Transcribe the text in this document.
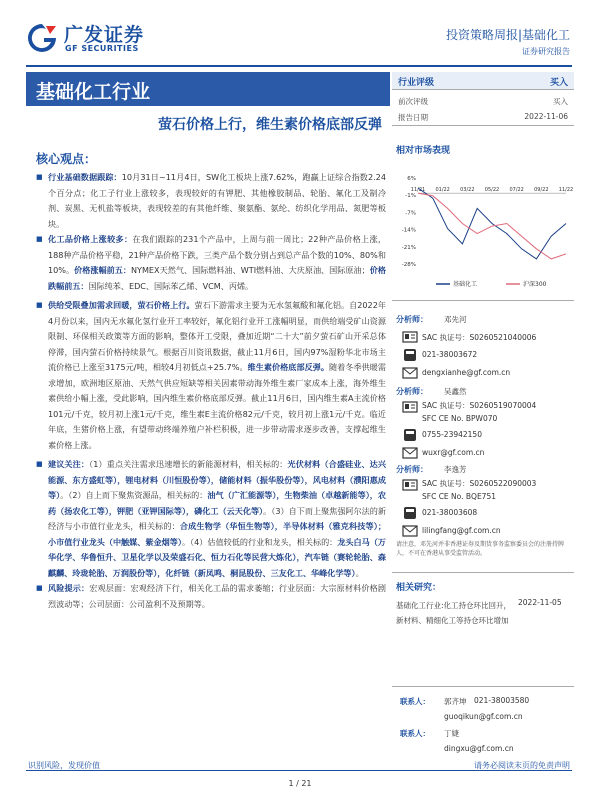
广发证券
GF SECURITIES
投资策略周报|基础化工
证券研究报告
基础化工行业
萤石价格上行，维生素价格底部反弹
核心观点：

■ 行业基础数据跟踪：10月31日~11月4日，SW化工板块上涨7.62%，跑赢上证综合指数2.24个百分点；化工子行业上涨较多，表现较好的有钾肥、其他橡胶制品、轮胎、氟化工及制冷剂、炭黑、无机盐等板块，表现较差的有其他纤维、聚氨酯、氨纶、纺织化学用品、氮肥等板块。

■ 化工品价格上涨较多：在我们跟踪的231个产品中，上周与前一周比；22种产品价格上涨，188种产品价格平稳，21种产品价格下跌，三类产品个数分别占到总产品个数的10%、80%和10%。价格涨幅前五：NYMEX天然气、国际燃料油、WTI燃料油、大庆原油、国际原油；价格跌幅前五：国际纯苯、EDC、国际苯乙烯、VCM、丙烯。

■ 供给受限叠加需求回暖，萤石价格上行。萤石下游需求主要为无水氢氟酸和氟化铝。自2022年4月份以来，国内无水氟化氢行业开工率较好，氟化铝行业开工涨幅明显，而供给端受矿山资源限制、环保相关政策等方面的影响，整体开工受限，叠加近期“二十大”前夕萤石矿山开采总体停滞，国内萤石价格持续景气。根据百川资讯数据，截止11月6日，国内97%湿粉华北市场主流价格已上涨至3175元/吨，相较4月初低点+25.7%。维生素价格底部反弹。随着冬季供暖需求增加，欧洲地区原油、天然气供应短缺等相关因素带动海外维生素厂家成本上涨，海外维生素供给小幅上涨，受此影响，国内维生素价格底部反弹。截止11月6日，国内维生素A主流价格101元/千克，较月初上涨1元/千克，维生素E主流价格82元/千克，较月初上涨1元/千克。临近年底，生猪价格上涨，有望带动终端养殖户补栏积极，进一步带动需求逐步改善，支撑起维生素价格上涨。

■ 建议关注：（1）重点关注需求迅速增长的新能源材料，相关标的：光伏材料（合盛硅业、达兴能源、东方盛虹等），锂电材料（川恒股份等），储能材料（振华股份等），风电材料（濮阳惠成等）。（2）自上而下聚焦资源品，相关标的：油气（广汇能源等），生物柴油（卓越新能等），农药（扬农化工等），钾肥（亚钾国际等），磷化工（云天化等）。（3）自下而上聚焦强阿尔法的新经济与小市值行业龙头，相关标的：合成生物学（华恒生物等），半导体材料（雅克科技等）；小市值行业龙头（中触媒、紫金烟等）。（4）估值较低的行业和龙头，相关标的：龙头白马（万华化学、华鲁恒升、卫星化学以及荣盛石化、恒力石化等民营大炼化），汽车链（赛轮轮胎、森麒麟、玲珑轮胎、万润股份等），化纤链（新凤鸣、桐昆股份、三友化工、华峰化学等）。

■ 风险提示：宏观层面：宏观经济下行，相关化工品的需求萎缩；行业层面：大宗原材料价格剧烈波动等；公司层面：公司盈利不及预期等。

行业评级	买入
前次评级	买入
报告日期	2022-11-06
相对市场表现
6%
-1%
-7%
-14%
-21%
-28%
11/21 01/22 03/22 05/22 07/22 09/22 11/22
基础化工	沪深300
分析师： 邓先河
SAC 执证号：S0260521040006
021-38003672
dengxianhe@gf.com.cn
分析师： 吴鑫然
SAC 执证号：S0260519070004
SFC CE No. BPW070
0755-23942150
wuxr@gf.com.cn
分析师： 李逸芳
SAC 执证号：S0260522090003
SFC CE No. BQE751
021-38003608
lilingfang@gf.com.cn
请注意，邓先河并非香港证券及期货事务监察委员会的注册持牌人，不可在香港从事受监管活动。
相关研究：
基础化工行业:化工持仓环比回升，新材料、精细化工等持仓环比增加
2022-11-05
联系人： 郭齐坤 021-38003580
guoqikun@gf.com.cn
联系人： 丁婕
dingxu@gf.com.cn
识别风险，发现价值	请务必阅读末页的免责声明
1 / 21
